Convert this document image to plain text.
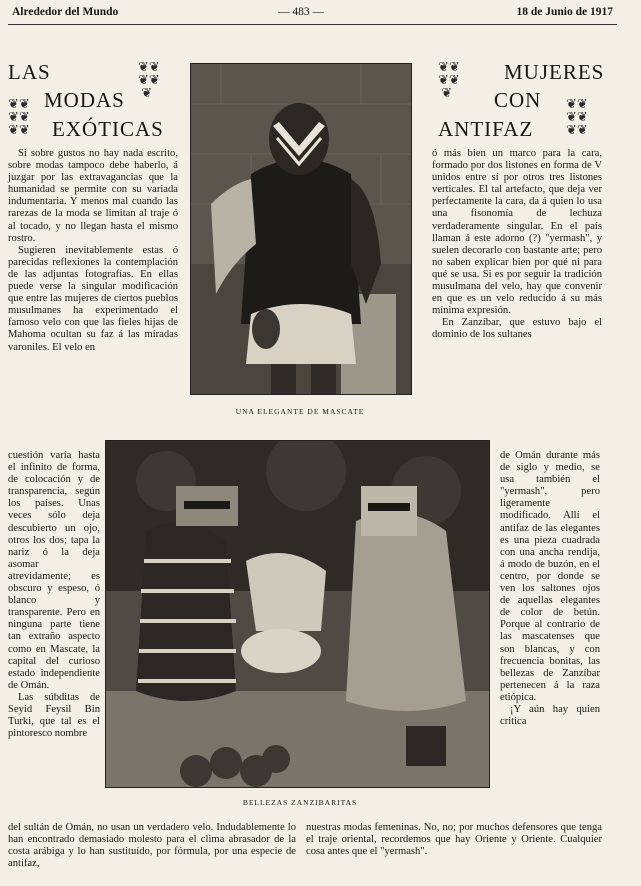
Alrededor del Mundo	— 483 —	18 de Junio de 1917
LAS
MODAS
EXÓTICAS
❦❦
❦❦
❦
❦❦
❦❦
❦❦
MUJERES
CON
ANTIFAZ
❦❦
❦❦
❦
❦❦
❦❦
❦❦
UNA ELEGANTE DE MASCATE
BELLEZAS ZANZIBARITAS

Si sobre gustos no hay nada escrito, sobre modas tampoco debe haberlo, á juzgar por las extravagancias que la humanidad se permite con su variada indumentaria. Y menos mal cuando las rarezas de la moda se limitan al traje ó al tocado, y no llegan hasta el mismo rostro.

Sugieren inevitablemente estas ó parecidas reflexiones la contemplación de las adjuntas fotografías. En ellas puede verse la singular modificación que entre las mujeres de ciertos pueblos musulmanes ha experimentado el famoso velo con que las fieles hijas de Mahoma ocultan su faz á las miradas varoniles. El velo en

cuestión varía hasta el infinito de forma, de colocación y de transparencia, según los países. Unas veces sólo deja descubierto un ojo, otros los dos; tapa la nariz ó la deja asomar atrevidamente; es obscuro y espeso, ó blanco y transparente. Pero en ninguna parte tiene tan extraño aspecto como en Mascate, la capital del curioso estado independiente de Omán.

Las súbditas de Seyid Feysil Bin Turki, que tal es el pintoresco nombre

ó más bien un marco para la cara, formado por dos listones en forma de V unidos entre sí por otros tres listones verticales. El tal artefacto, que deja ver perfectamente la cara, da á quien lo usa una fisonomía de lechuza verdaderamente singular. En el país llaman á este adorno (?) "yermash", y suelen decorarlo con bastante arte; pero no saben explicar bien por qué ni para qué se usa. Si es por seguir la tradición musulmana del velo, hay que convenir en que es un velo reducido á su más mínima expresión.

En Zanzíbar, que estuvo bajo el dominio de los sultanes

de Omán durante más de siglo y medio, se usa también el "yermash", pero ligeramente modificado. Allí el antifaz de las elegantes es una pieza cuadrada con una ancha rendija, á modo de buzón, en el centro, por donde se ven los saltones ojos de aquellas elegantes de color de betún. Porque al contrario de las mascatenses que son blancas, y con frecuencia bonitas, las bellezas de Zanzíbar pertenecen á la raza etiópica.

¡Y aún hay quien critica

del sultán de Omán, no usan un verdadero velo. Indudablemente lo han encontrado demasiado molesto para el clima abrasador de la costa arábiga y lo han sustituído, por fórmula, por una especie de antifaz,
nuestras modas femeninas. No, no; por muchos defensores que tenga el traje oriental, recordemos que hay Oriente y Oriente. Cualquier cosa antes que el "yermash".
